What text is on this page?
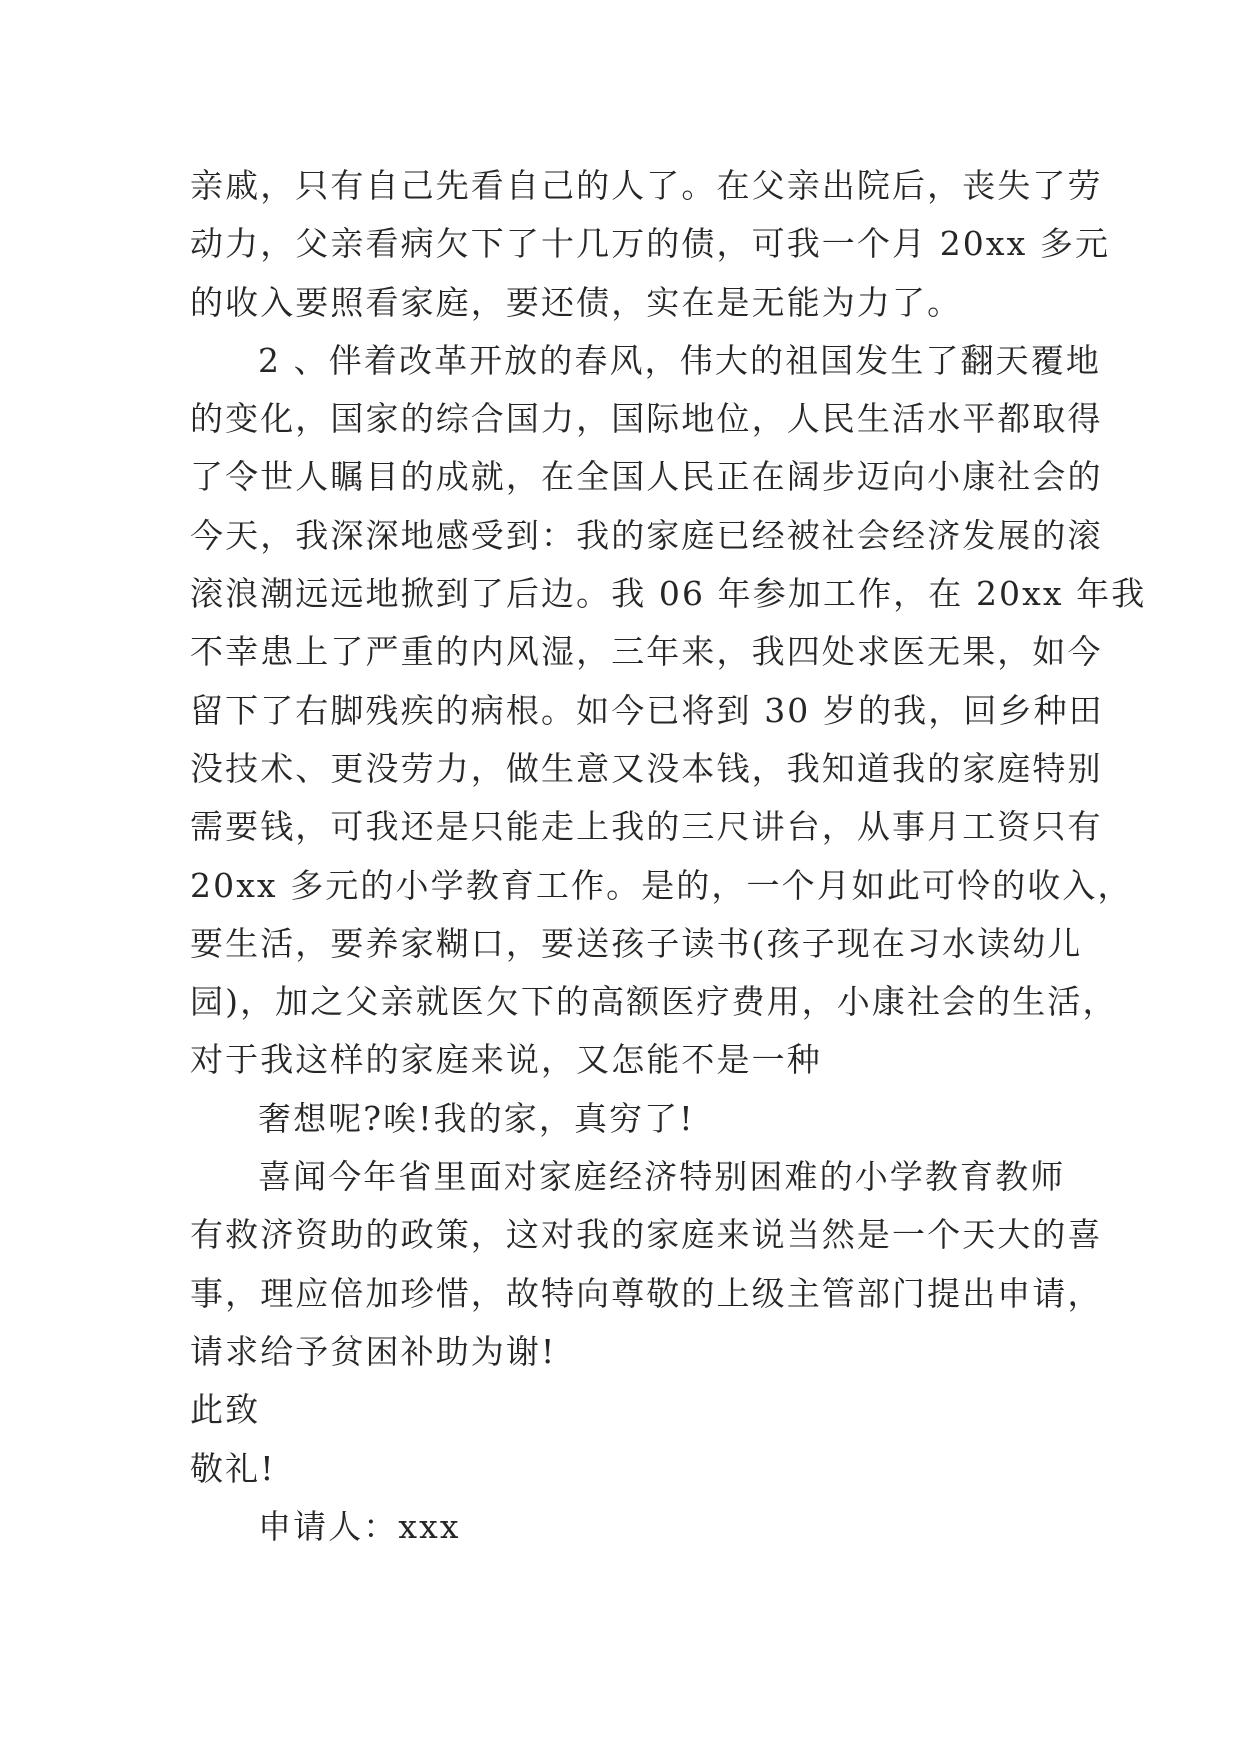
亲戚，只有自己先看自己的人了。在父亲出院后，丧失了劳
动力，父亲看病欠下了十几万的债，可我一个月 20xx 多元
的收入要照看家庭，要还债，实在是无能为力了。
2 、伴着改革开放的春风，伟大的祖国发生了翻天覆地
的变化，国家的综合国力，国际地位，人民生活水平都取得
了令世人瞩目的成就，在全国人民正在阔步迈向小康社会的
今天，我深深地感受到：我的家庭已经被社会经济发展的滚
滚浪潮远远地掀到了后边。我 06 年参加工作，在 20xx 年我
不幸患上了严重的内风湿，三年来，我四处求医无果，如今
留下了右脚残疾的病根。如今已将到 30 岁的我，回乡种田
没技术、更没劳力，做生意又没本钱，我知道我的家庭特别
需要钱，可我还是只能走上我的三尺讲台，从事月工资只有
20xx 多元的小学教育工作。是的，一个月如此可怜的收入，
要生活，要养家糊口，要送孩子读书(孩子现在习水读幼儿
园)，加之父亲就医欠下的高额医疗费用，小康社会的生活，
对于我这样的家庭来说，又怎能不是一种
奢想呢?唉!我的家，真穷了!
喜闻今年省里面对家庭经济特别困难的小学教育教师
有救济资助的政策，这对我的家庭来说当然是一个天大的喜
事，理应倍加珍惜，故特向尊敬的上级主管部门提出申请，
请求给予贫困补助为谢!
此致
敬礼!
申请人：xxx
